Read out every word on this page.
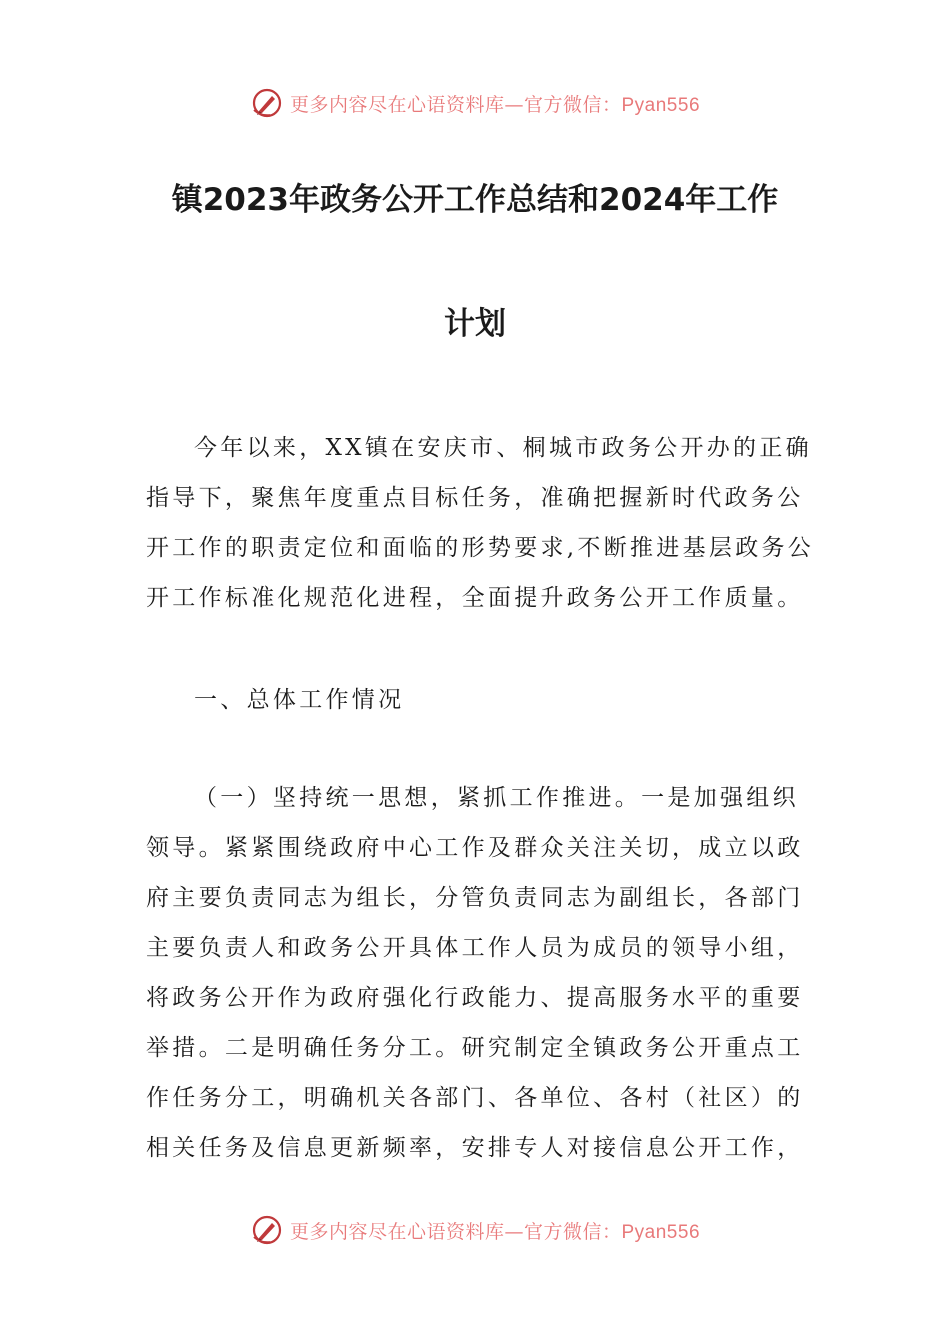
更多内容尽在心语资料库—官方微信：Pyan556
镇2023年政务公开工作总结和2024年工作
计划
今年以来，XX镇在安庆市、桐城市政务公开办的正确
指导下，聚焦年度重点目标任务，准确把握新时代政务公
开工作的职责定位和面临的形势要求,不断推进基层政务公
开工作标准化规范化进程，全面提升政务公开工作质量。
一、总体工作情况
（一）坚持统一思想，紧抓工作推进。一是加强组织
领导。紧紧围绕政府中心工作及群众关注关切，成立以政
府主要负责同志为组长，分管负责同志为副组长，各部门
主要负责人和政务公开具体工作人员为成员的领导小组，
将政务公开作为政府强化行政能力、提高服务水平的重要
举措。二是明确任务分工。研究制定全镇政务公开重点工
作任务分工，明确机关各部门、各单位、各村（社区）的
相关任务及信息更新频率，安排专人对接信息公开工作，
更多内容尽在心语资料库—官方微信：Pyan556
